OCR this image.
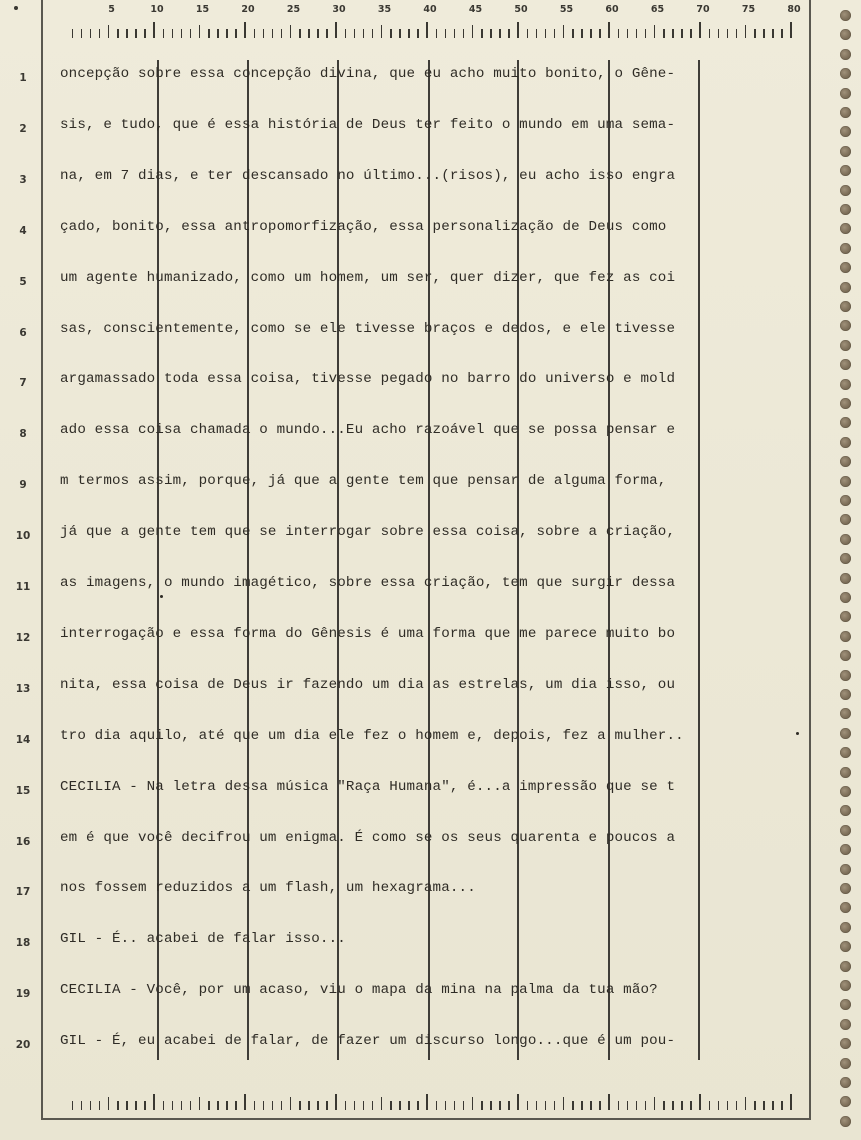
5	10	15	20	25	30	35	40	45	50	55	60	65	70	75	80
1
2
3
4
5
6
7
8
9
10
11
12
13
14
15
16
17
18
19
20
oncepção sobre essa concepção divina, que eu acho muito bonito, o Gêne-
sis, e tudo, que é essa história de Deus ter feito o mundo em uma sema-
na, em 7 dias, e ter descansado no último...(risos), eu acho isso engra
çado, bonito, essa antropomorfização, essa personalização de Deus como
um agente humanizado, como um homem, um ser, quer dizer, que fez as coi
sas, conscientemente, como se ele tivesse braços e dedos, e ele tivesse
argamassado toda essa coisa, tivesse pegado no barro do universo e mold
ado essa coisa chamada o mundo...Eu acho razoável que se possa pensar e
m termos assim, porque, já que a gente tem que pensar de alguma forma,
já que a gente tem que se interrogar sobre essa coisa, sobre a criação,
as imagens, o mundo imagético, sobre essa criação, tem que surgir dessa
interrogação e essa forma do Gênesis é uma forma que me parece muito bo
nita, essa coisa de Deus ir fazendo um dia as estrelas, um dia isso, ou
tro dia aquilo, até que um dia ele fez o homem e, depois, fez a mulher..
CECILIA - Na letra dessa música "Raça Humana", é...a impressão que se t
em é que você decifrou um enigma. É como se os seus quarenta e poucos a
nos fossem reduzidos a um flash, um hexagrama...
GIL - É.. acabei de falar isso...
CECILIA - Você, por um acaso, viu o mapa da mina na palma da tua mão?
GIL - É, eu acabei de falar, de fazer um discurso longo...que é um pou-
